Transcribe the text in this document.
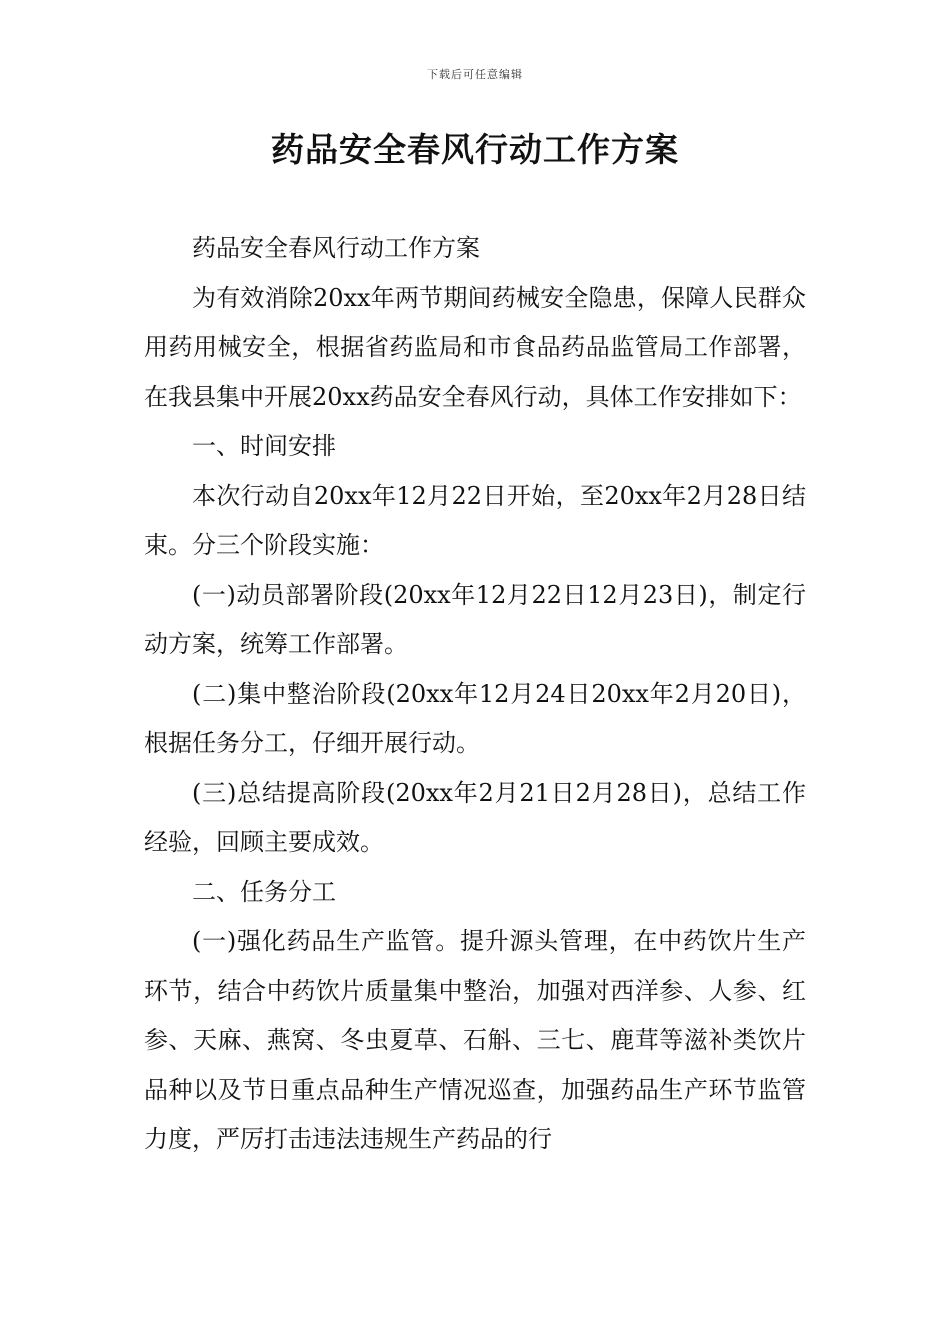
下载后可任意编辑
药品安全春风行动工作方案

药品安全春风行动工作方案

为有效消除20xx年两节期间药械安全隐患，保障人民群众用药用械安全，根据省药监局和市食品药品监管局工作部署，在我县集中开展20xx药品安全春风行动，具体工作安排如下：

一、时间安排

本次行动自20xx年12月22日开始，至20xx年2月28日结束。分三个阶段实施：

(一)动员部署阶段(20xx年12月22日12月23日)，制定行动方案，统筹工作部署。

(二)集中整治阶段(20xx年12月24日20xx年2月20日)，根据任务分工，仔细开展行动。

(三)总结提高阶段(20xx年2月21日2月28日)，总结工作经验，回顾主要成效。

二、任务分工

(一)强化药品生产监管。提升源头管理，在中药饮片生产环节，结合中药饮片质量集中整治，加强对西洋参、人参、红参、天麻、燕窝、冬虫夏草、石斛、三七、鹿茸等滋补类饮片品种以及节日重点品种生产情况巡查，加强药品生产环节监管力度，严厉打击违法违规生产药品的行
